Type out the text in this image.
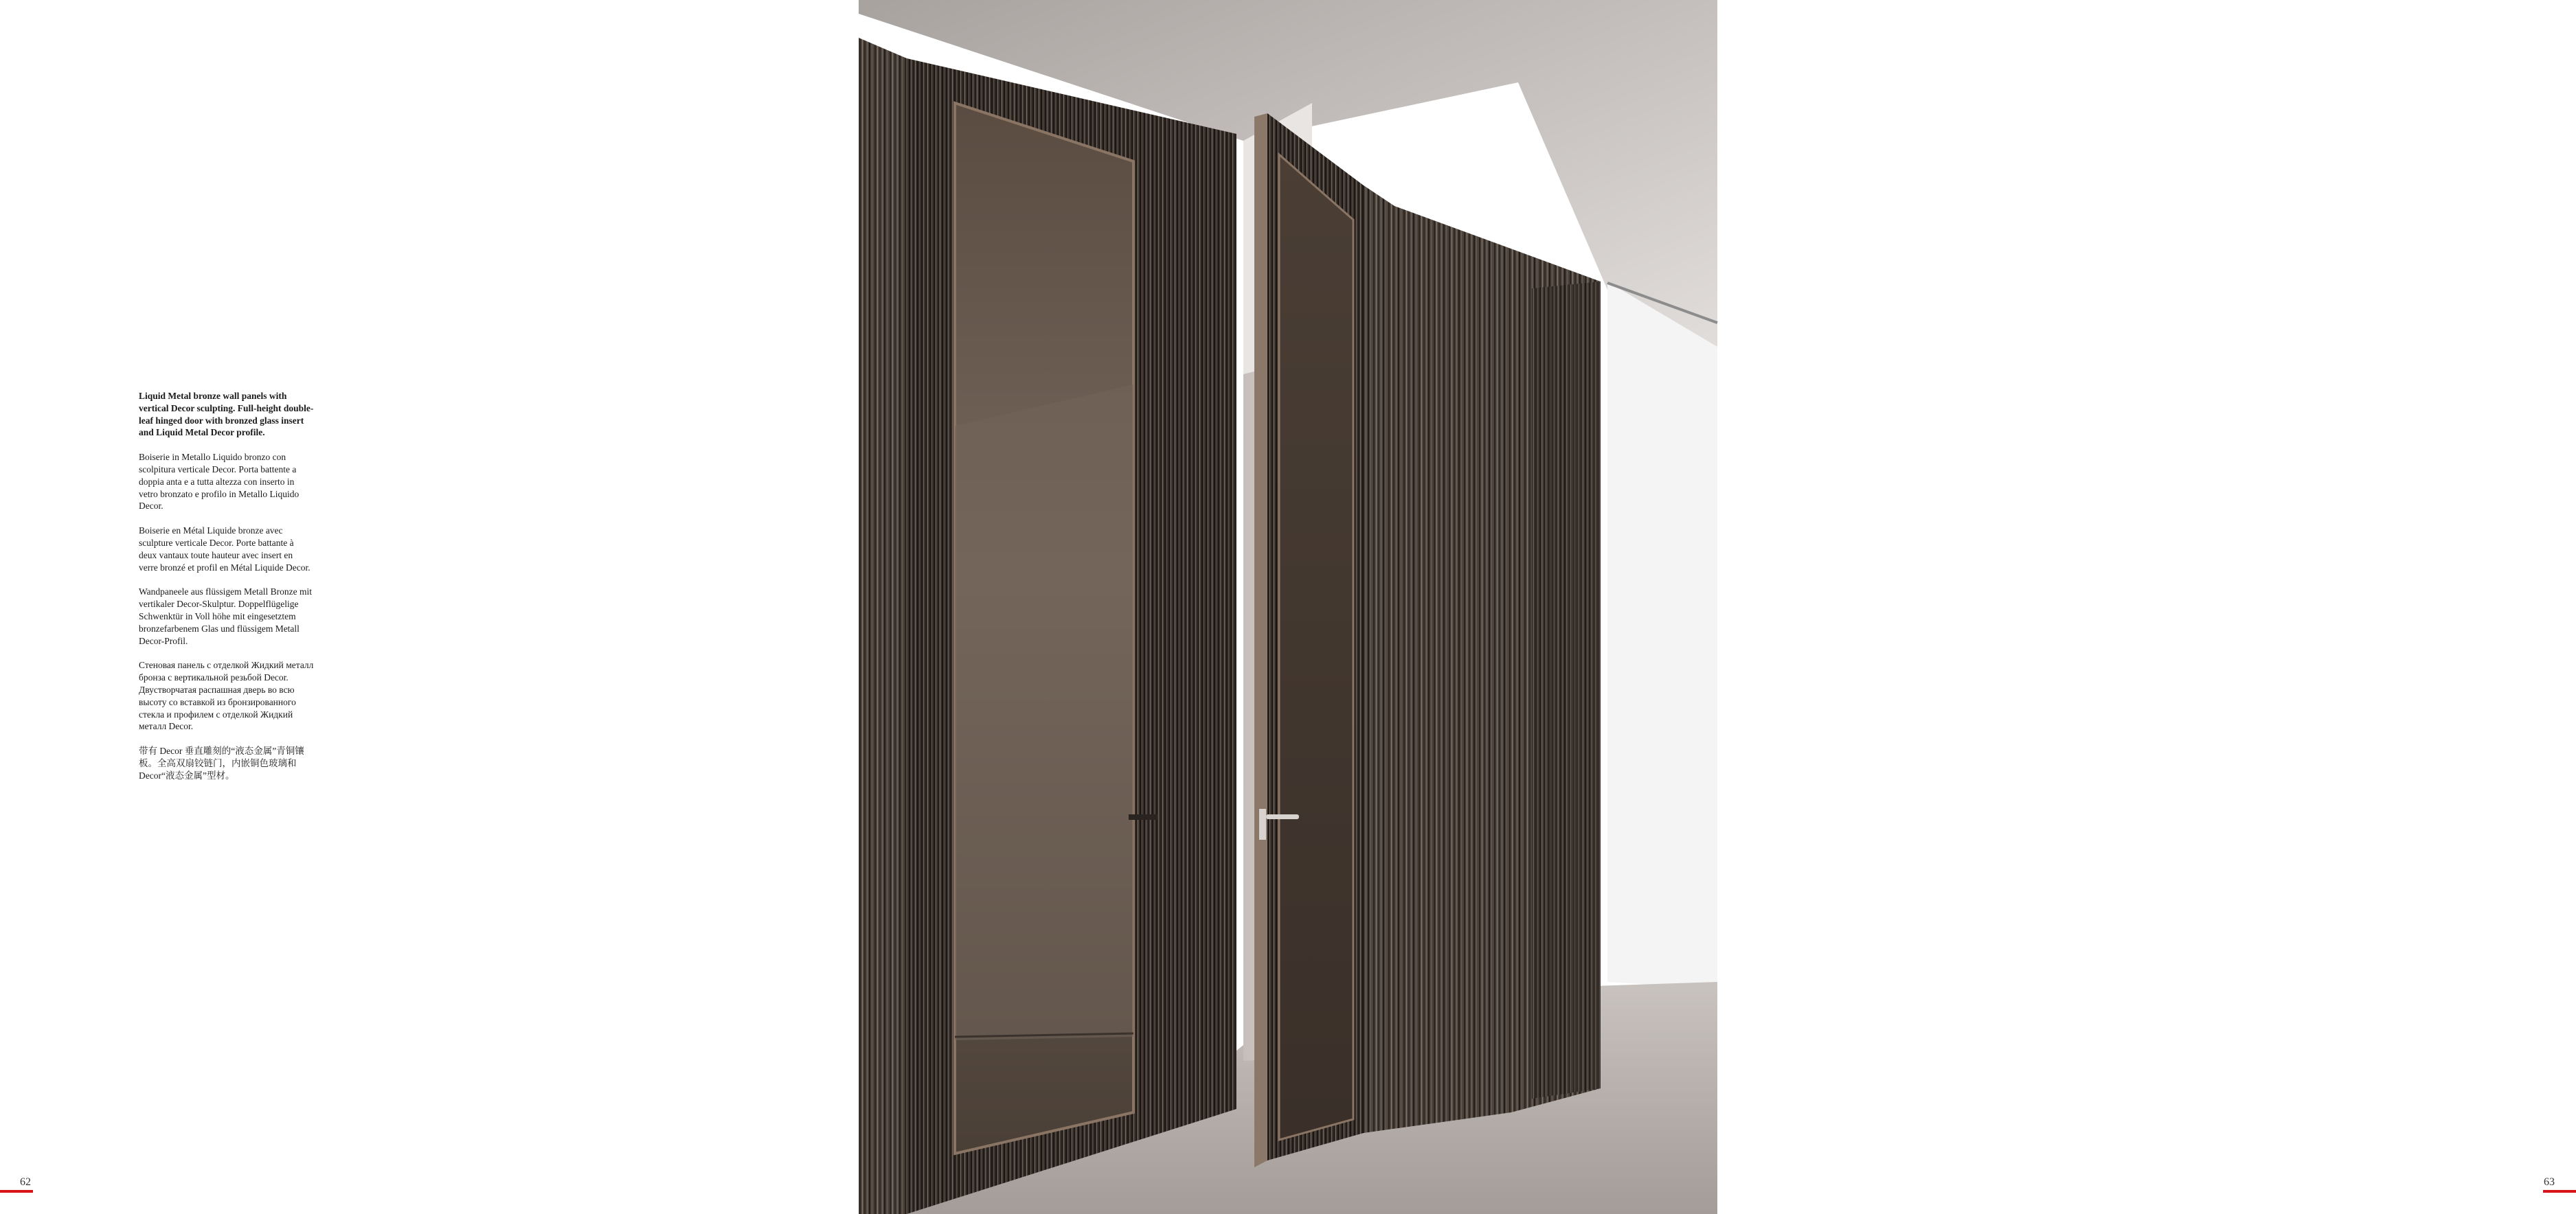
Liquid Metal bronze wall panels with vertical Decor sculpting. Full-height double-leaf hinged door with bronzed glass insert and Liquid Metal Decor profile.

Boiserie in Metallo Liquido bronzo con scolpitura verticale Decor. Porta battente a doppia anta e a tutta altezza con inserto in vetro bronzato e profilo in Metallo Liquido Decor.

Boiserie en Métal Liquide bronze avec sculpture verticale Decor. Porte battante à deux vantaux toute hauteur avec insert en verre bronzé et profil en Métal Liquide Decor.

Wandpaneele aus flüssigem Metall Bronze mit vertikaler Decor-Skulptur. Doppelflügelige Schwenktür in Voll höhe mit eingesetztem bronzefarbenem Glas und flüssigem Metall Decor-Profil.

Стеновая панель с отделкой Жидкий металл бронза с вертикальной резьбой Decor. Двустворчатая распашная дверь во всю высоту со вставкой из бронзированного стекла и профилем с отделкой Жидкий металл Decor.

带有 Decor 垂直雕刻的“液态金属”青铜镶板。全高双扇铰链门，内嵌铜色玻璃和 Decor“液态金属”型材。

62	63
